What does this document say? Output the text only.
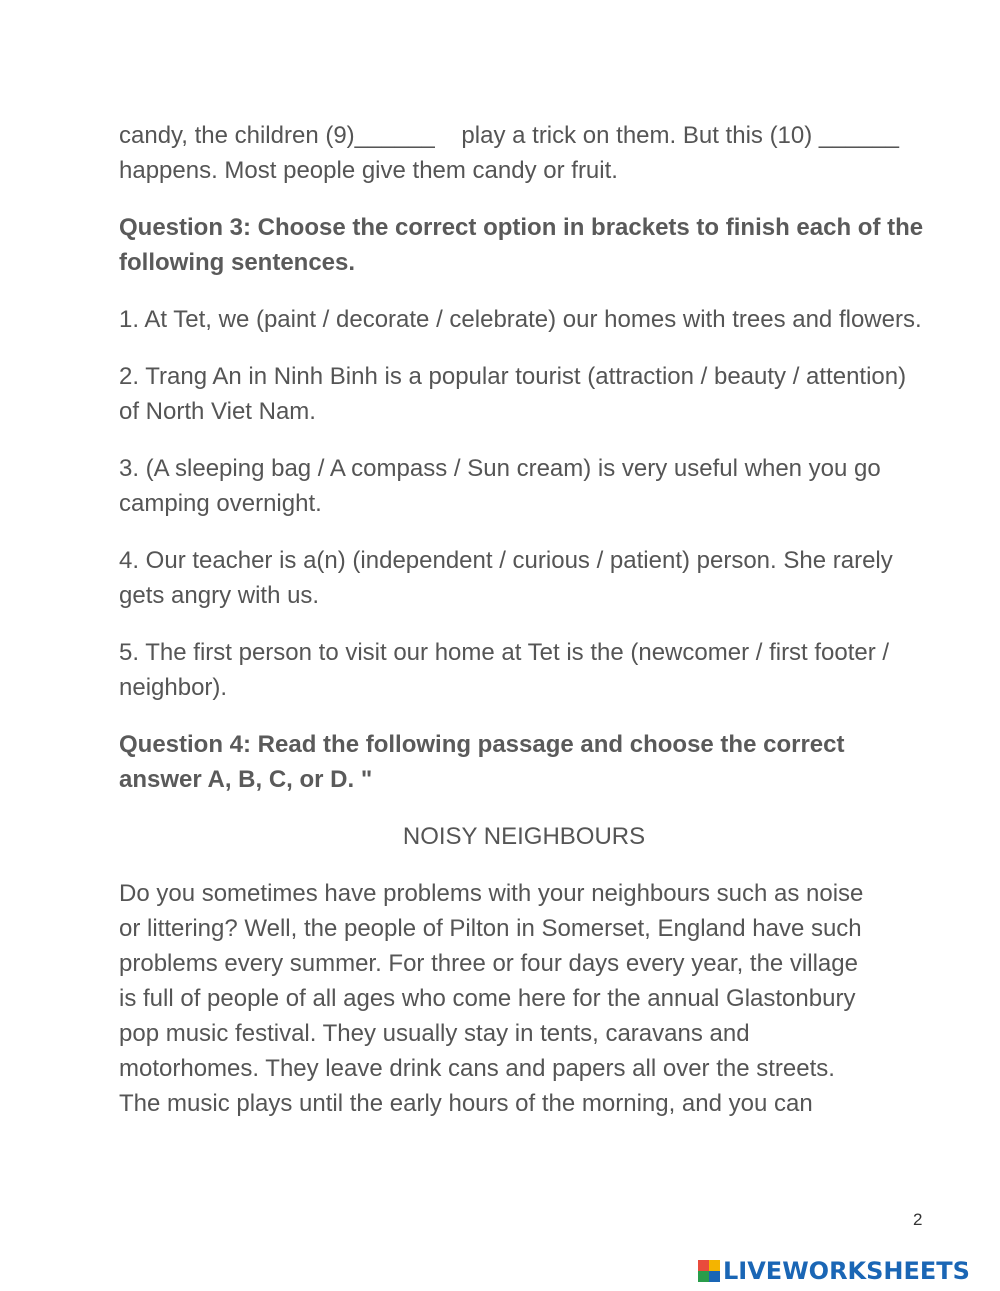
candy, the children (9)______    play a trick on them. But this (10) ______

happens. Most people give them candy or fruit.

Question 3: Choose the correct option in brackets to finish each of the following sentences.

1. At Tet, we (paint / decorate / celebrate) our homes with trees and flowers.

2. Trang An in Ninh Binh is a popular tourist (attraction / beauty / attention) of North Viet Nam.

3. (A sleeping bag / A compass / Sun cream) is very useful when you go camping overnight.

4. Our teacher is a(n) (independent / curious / patient) person. She rarely gets angry with us.

5. The first person to visit our home at Tet is the (newcomer / first footer / neighbor).

Question 4: Read the following passage and choose the correct answer A, B, C, or D. "

NOISY NEIGHBOURS

Do you sometimes have problems with your neighbours such as noise

or littering? Well, the people of Pilton in Somerset, England have such

problems every summer. For three or four days every year, the village

is full of people of all ages who come here for the annual Glastonbury

pop music festival. They usually stay in tents, caravans and

motorhomes. They leave drink cans and papers all over the streets.

The music plays until the early hours of the morning, and you can

2
LIVEWORKSHEETS
